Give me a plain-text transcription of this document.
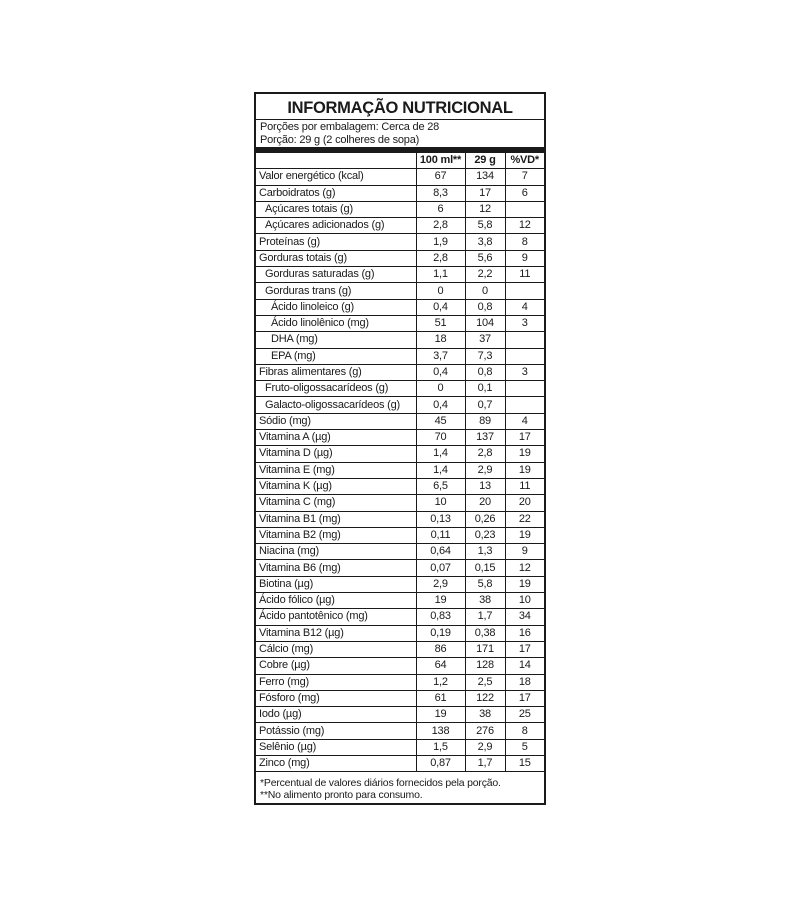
INFORMAÇÃO NUTRICIONAL
Porções por embalagem: Cerca de 28
Porção: 29 g (2 colheres de sopa)
	100 ml**	29 g	%VD*
Valor energético (kcal)	67	134	7
Carboidratos (g)	8,3	17	6
Açúcares totais (g)	6	12	
Açúcares adicionados (g)	2,8	5,8	12
Proteínas (g)	1,9	3,8	8
Gorduras totais (g)	2,8	5,6	9
Gorduras saturadas (g)	1,1	2,2	11
Gorduras trans (g)	0	0	
Ácido linoleico (g)	0,4	0,8	4
Ácido linolênico (mg)	51	104	3
DHA (mg)	18	37	
EPA (mg)	3,7	7,3	
Fibras alimentares (g)	0,4	0,8	3
Fruto-oligossacarídeos (g)	0	0,1	
Galacto-oligossacarídeos (g)	0,4	0,7	
Sódio (mg)	45	89	4
Vitamina A (µg)	70	137	17
Vitamina D (µg)	1,4	2,8	19
Vitamina E (mg)	1,4	2,9	19
Vitamina K (µg)	6,5	13	11
Vitamina C (mg)	10	20	20
Vitamina B1 (mg)	0,13	0,26	22
Vitamina B2 (mg)	0,11	0,23	19
Niacina (mg)	0,64	1,3	9
Vitamina B6 (mg)	0,07	0,15	12
Biotina (µg)	2,9	5,8	19
Ácido fólico (µg)	19	38	10
Ácido pantotênico (mg)	0,83	1,7	34
Vitamina B12 (µg)	0,19	0,38	16
Cálcio (mg)	86	171	17
Cobre (µg)	64	128	14
Ferro (mg)	1,2	2,5	18
Fósforo (mg)	61	122	17
Iodo (µg)	19	38	25
Potássio (mg)	138	276	8
Selênio (µg)	1,5	2,9	5
Zinco (mg)	0,87	1,7	15
*Percentual de valores diários fornecidos pela porção.
**No alimento pronto para consumo.
